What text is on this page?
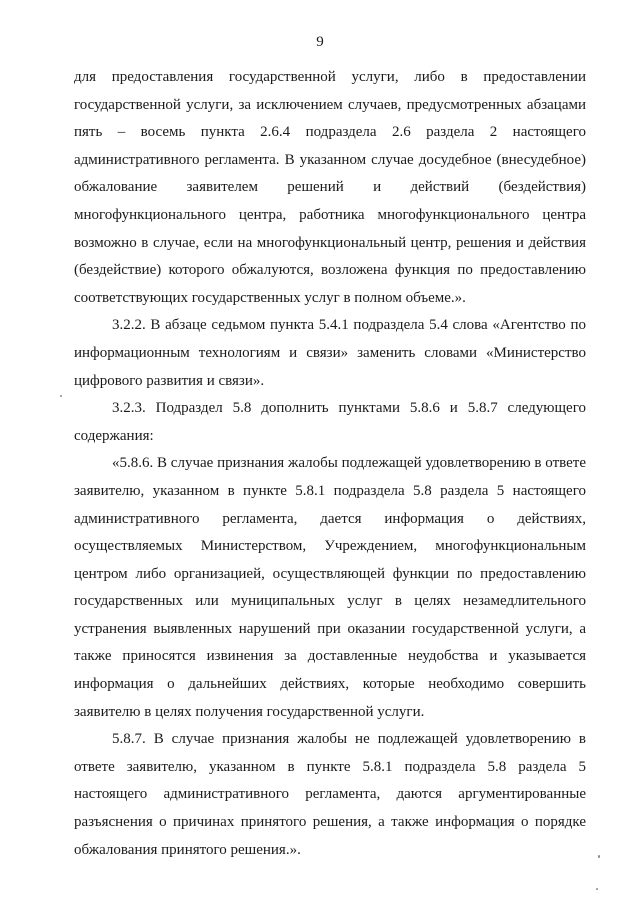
9

для предоставления государственной услуги, либо в предоставлении государственной услуги, за исключением случаев, предусмотренных абзацами пять – восемь пункта 2.6.4 подраздела 2.6 раздела 2 настоящего административного регламента. В указанном случае досудебное (внесудебное) обжалование заявителем решений и действий (бездействия) многофункционального центра, работника многофункционального центра возможно в случае, если на многофункциональный центр, решения и действия (бездействие) которого обжалуются, возложена функция по предоставлению соответствующих государственных услуг в полном объеме.».

3.2.2. В абзаце седьмом пункта 5.4.1 подраздела 5.4 слова «Агентство по информационным технологиям и связи» заменить словами «Министерство цифрового развития и связи».

3.2.3. Подраздел 5.8 дополнить пунктами 5.8.6 и 5.8.7 следующего содержания:

«5.8.6. В случае признания жалобы подлежащей удовлетворению в ответе заявителю, указанном в пункте 5.8.1 подраздела 5.8 раздела 5 настоящего административного регламента, дается информация о действиях, осуществляемых Министерством, Учреждением, многофункциональным центром либо организацией, осуществляющей функции по предоставлению государственных или муниципальных услуг в целях незамедлительного устранения выявленных нарушений при оказании государственной услуги, а также приносятся извинения за доставленные неудобства и указывается информация о дальнейших действиях, которые необходимо совершить заявителю в целях получения государственной услуги.

5.8.7. В случае признания жалобы не подлежащей удовлетворению в ответе заявителю, указанном в пункте 5.8.1 подраздела 5.8 раздела 5 настоящего административного регламента, даются аргументированные разъяснения о причинах принятого решения, а также информация о порядке обжалования принятого решения.».
